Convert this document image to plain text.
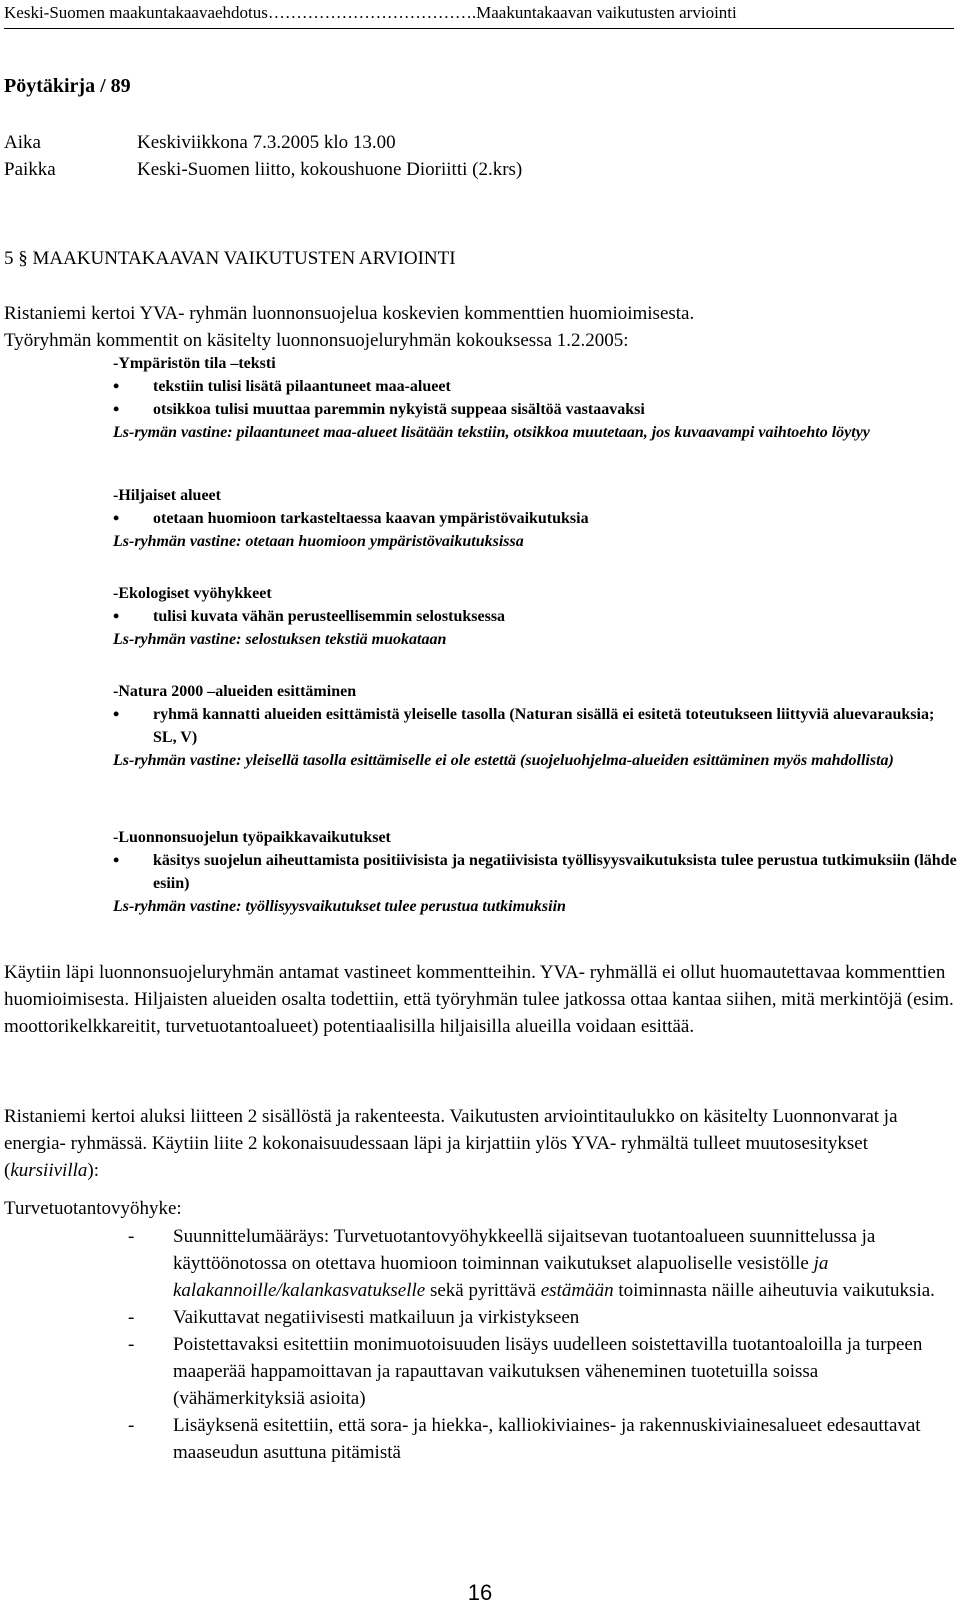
Keski-Suomen maakuntakaavaehdotus……………………………….Maakuntakaavan vaikutusten arviointi
Pöytäkirja / 89
Aika	Keskiviikkona 7.3.2005 klo 13.00
Paikka	Keski-Suomen liitto, kokoushuone Dioriitti (2.krs)
5 § MAAKUNTAKAAVAN VAIKUTUSTEN ARVIOINTI
Ristaniemi kertoi YVA- ryhmän luonnonsuojelua koskevien kommenttien huomioimisesta.
Työryhmän kommentit on käsitelty luonnonsuojeluryhmän kokouksessa 1.2.2005:
-Ympäristön tila –teksti
• tekstiin tulisi lisätä pilaantuneet maa-alueet
• otsikkoa tulisi muuttaa paremmin nykyistä suppeaa sisältöä vastaavaksi
Ls-rymän vastine: pilaantuneet maa-alueet lisätään tekstiin, otsikkoa muutetaan, jos kuvaavampi vaihtoehto löytyy
-Hiljaiset alueet
• otetaan huomioon tarkasteltaessa kaavan ympäristövaikutuksia
Ls-ryhmän vastine: otetaan huomioon ympäristövaikutuksissa
-Ekologiset vyöhykkeet
• tulisi kuvata vähän perusteellisemmin selostuksessa
Ls-ryhmän vastine: selostuksen tekstiä muokataan
-Natura 2000 –alueiden esittäminen
• ryhmä kannatti alueiden esittämistä yleiselle tasolla (Naturan sisällä ei esitetä toteutukseen liittyviä aluevarauksia; SL, V)
Ls-ryhmän vastine: yleisellä tasolla esittämiselle ei ole estettä (suojeluohjelma-alueiden esittäminen myös mahdollista)
-Luonnonsuojelun työpaikkavaikutukset
• käsitys suojelun aiheuttamista positiivisista ja negatiivisista työllisyysvaikutuksista tulee perustua tutkimuksiin (lähde esiin)
Ls-ryhmän vastine: työllisyysvaikutukset tulee perustua tutkimuksiin
Käytiin läpi luonnonsuojeluryhmän antamat vastineet kommentteihin. YVA- ryhmällä ei ollut huomautettavaa kommenttien huomioimisesta. Hiljaisten alueiden osalta todettiin, että työryhmän tulee jatkossa ottaa kantaa siihen, mitä merkintöjä (esim. moottorikelkkareitit, turvetuotantoalueet) potentiaalisilla hiljaisilla alueilla voidaan esittää.
Ristaniemi kertoi aluksi liitteen 2 sisällöstä ja rakenteesta. Vaikutusten arviointitaulukko on käsitelty Luonnonvarat ja energia- ryhmässä. Käytiin liite 2 kokonaisuudessaan läpi ja kirjattiin ylös YVA- ryhmältä tulleet muutosesitykset (kursiivilla):
Turvetuotantovyöhyke:
- Suunnittelumääräys: Turvetuotantovyöhykkeellä sijaitsevan tuotantoalueen suunnittelussa ja käyttöönotossa on otettava huomioon toiminnan vaikutukset alapuoliselle vesistölle ja kalakannoille/kalankasvatukselle sekä pyrittävä estämään toiminnasta näille aiheutuvia vaikutuksia.
- Vaikuttavat negatiivisesti matkailuun ja virkistykseen
- Poistettavaksi esitettiin monimuotoisuuden lisäys uudelleen soistettavilla tuotantoaloilla ja turpeen maaperää happamoittavan ja rapauttavan vaikutuksen väheneminen tuotetuilla soissa (vähämerkityksiä asioita)
- Lisäyksenä esitettiin, että sora- ja hiekka-, kalliokiviaines- ja rakennuskiviainesalueet edesauttavat maaseudun asuttuna pitämistä
16
